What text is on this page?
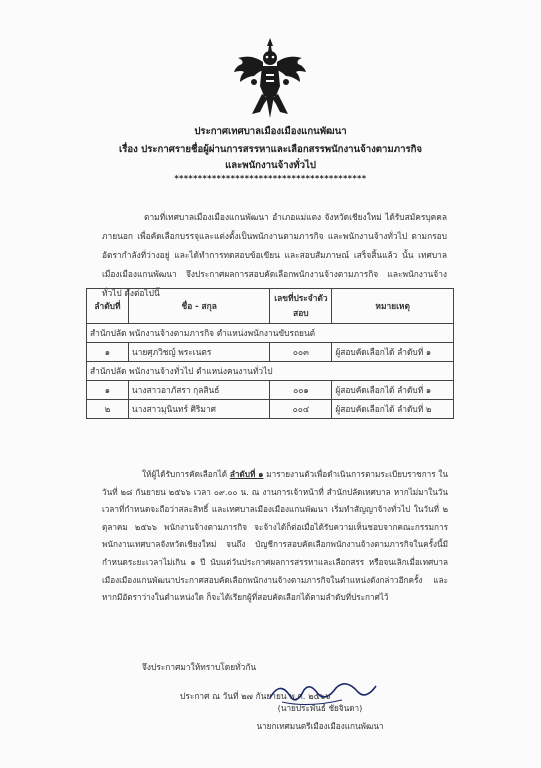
ประกาศเทศบาลเมืองเมืองแกนพัฒนา
เรื่อง ประกาศรายชื่อผู้ผ่านการสรรหาและเลือกสรรพนักงานจ้างตามภารกิจ
และพนักงานจ้างทั่วไป
*****************************************
ตามที่เทศบาลเมืองเมืองแกนพัฒนา อำเภอแม่แตง จังหวัดเชียงใหม่ ได้รับสมัครบุคคลภายนอก เพื่อคัดเลือกบรรจุและแต่งตั้งเป็นพนักงานตามภารกิจ และพนักงานจ้างทั่วไป ตามกรอบอัตรากำลังที่ว่างอยู่ และได้ทำการทดสอบข้อเขียน และสอบสัมภาษณ์ เสร็จสิ้นแล้ว นั้น เทศบาลเมืองเมืองแกนพัฒนา จึงประกาศผลการสอบคัดเลือกพนักงานจ้างตามภารกิจ และพนักงานจ้างทั่วไป ดังต่อไปนี้
ลำดับที่	ชื่อ - สกุล	เลขที่ประจำตัวสอบ	หมายเหตุ
สำนักปลัด พนักงานจ้างตามภารกิจ ตำแหน่งพนักงานขับรถยนต์			
๑	นายศุภวิชญ์ พระเนตร	๐๐๓	ผู้สอบคัดเลือกได้ ลำดับที่ ๑
สำนักปลัด พนักงานจ้างทั่วไป ตำแหน่งคนงานทั่วไป			
๑	นางสาวอาภัสรา กุลสินธ์	๐๐๑	ผู้สอบคัดเลือกได้ ลำดับที่ ๑
๒	นางสาวมุนินทร์ ศิริมาศ	๐๐๔	ผู้สอบคัดเลือกได้ ลำดับที่ ๒
ให้ผู้ได้รับการคัดเลือกได้ ลำดับที่ ๑ มารายงานตัวเพื่อดำเนินการตามระเบียบราชการ ในวันที่ ๒๘ กันยายน ๒๕๖๖ เวลา ๐๙.๐๐ น. ณ งานการเจ้าหน้าที่ สำนักปลัดเทศบาล หากไม่มาในวันเวลาที่กำหนดจะถือว่าสละสิทธิ์ และเทศบาลเมืองเมืองแกนพัฒนา เริ่มทำสัญญาจ้างทั่วไป ในวันที่ ๒ ตุลาคม ๒๕๖๖ พนักงานจ้างตามภารกิจ จะจ้างได้ก็ต่อเมื่อได้รับความเห็นชอบจากคณะกรรมการพนักงานเทศบาลจังหวัดเชียงใหม่ จนถึง บัญชีการสอบคัดเลือกพนักงานจ้างตามภารกิจในครั้งนี้มีกำหนดระยะเวลาไม่เกิน ๑ ปี นับแต่วันประกาศผลการสรรหาและเลือกสรร หรือจนเลิกเมื่อเทศบาลเมืองเมืองแกนพัฒนาประกาศสอบคัดเลือกพนักงานจ้างตามภารกิจในตำแหน่งดังกล่าวอีกครั้ง และหากมีอัตราว่างในตำแหน่งใด ก็จะได้เรียกผู้ที่สอบคัดเลือกได้ตามลำดับที่ประกาศไว้
จึงประกาศมาให้ทราบโดยทั่วกัน
ประกาศ ณ วันที่ ๒๗ กันยายน พ.ศ. ๒๕๖๖
(นายประพันธ์ ชัยจินดา)
นายกเทศมนตรีเมืองเมืองแกนพัฒนา
